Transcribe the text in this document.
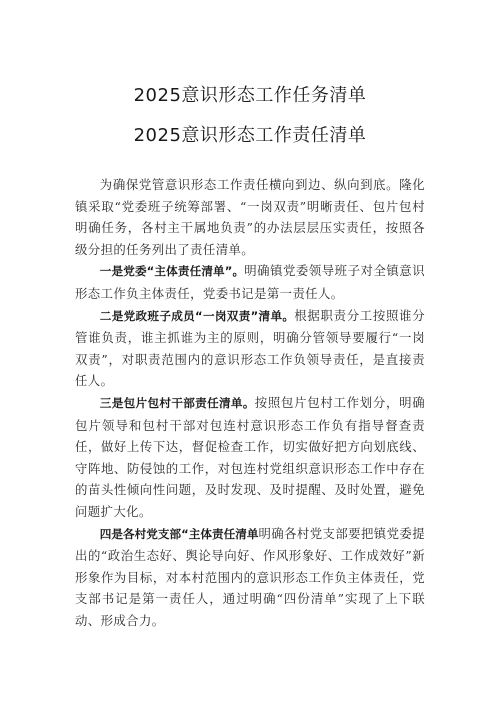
2025意识形态工作任务清单
2025意识形态工作责任清单

为确保党管意识形态工作责任横向到边、纵向到底。隆化镇采取“党委班子统筹部署、“一岗双责”明晰责任、包片包村明确任务，各村主干属地负责”的办法层层压实责任，按照各级分担的任务列出了责任清单。

一是党委“主体责任清单”。明确镇党委领导班子对全镇意识形态工作负主体责任，党委书记是第一责任人。

二是党政班子成员“一岗双责”清单。根据职责分工按照谁分管谁负责，谁主抓谁为主的原则，明确分管领导要履行“一岗双责”，对职责范围内的意识形态工作负领导责任，是直接责任人。

三是包片包村干部责任清单。按照包片包村工作划分，明确包片领导和包村干部对包连村意识形态工作负有指导督查责任，做好上传下达，督促检查工作，切实做好把方向划底线、守阵地、防侵蚀的工作，对包连村党组织意识形态工作中存在的苗头性倾向性问题，及时发现、及时提醒、及时处置，避免问题扩大化。

四是各村党支部“主体责任清单明确各村党支部要把镇党委提出的“政治生态好、舆论导向好、作风形象好、工作成效好”新形象作为目标，对本村范围内的意识形态工作负主体责任，党支部书记是第一责任人，通过明确“四份清单”实现了上下联动、形成合力。
